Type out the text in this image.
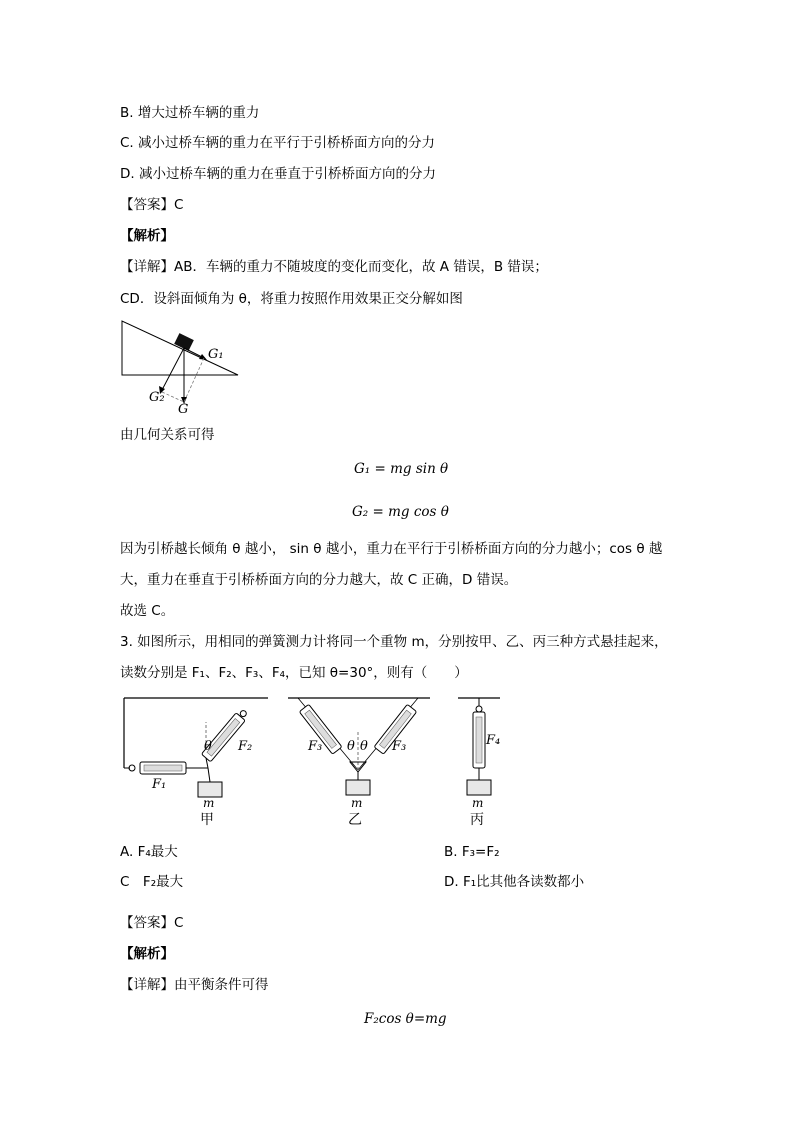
B. 增大过桥车辆的重力
C. 减小过桥车辆的重力在平行于引桥桥面方向的分力
D. 减小过桥车辆的重力在垂直于引桥桥面方向的分力
【答案】C
【解析】
【详解】AB．车辆的重力不随坡度的变化而变化，故 A 错误，B 错误；
CD．设斜面倾角为 θ，将重力按照作用效果正交分解如图
G₁
G₂
G
由几何关系可得
G₁ = mg sin θ
G₂ = mg cos θ
因为引桥越长倾角 θ 越小， sin θ 越小，重力在平行于引桥桥面方向的分力越小；cos θ 越
大，重力在垂直于引桥桥面方向的分力越大，故 C 正确，D 错误。
故选 C。
3. 如图所示，用相同的弹簧测力计将同一个重物 m，分别按甲、乙、丙三种方式悬挂起来，
读数分别是 F₁、F₂、F₃、F₄，已知 θ=30°，则有（　　）
m
甲
F₁
F₂
θ
m
乙
F₃	F₃
θ θ
m
丙
F₄
A. F₄最大	B. F₃=F₂
C　F₂最大	D. F₁比其他各读数都小
【答案】C
【解析】
【详解】由平衡条件可得
F₂cos θ=mg
